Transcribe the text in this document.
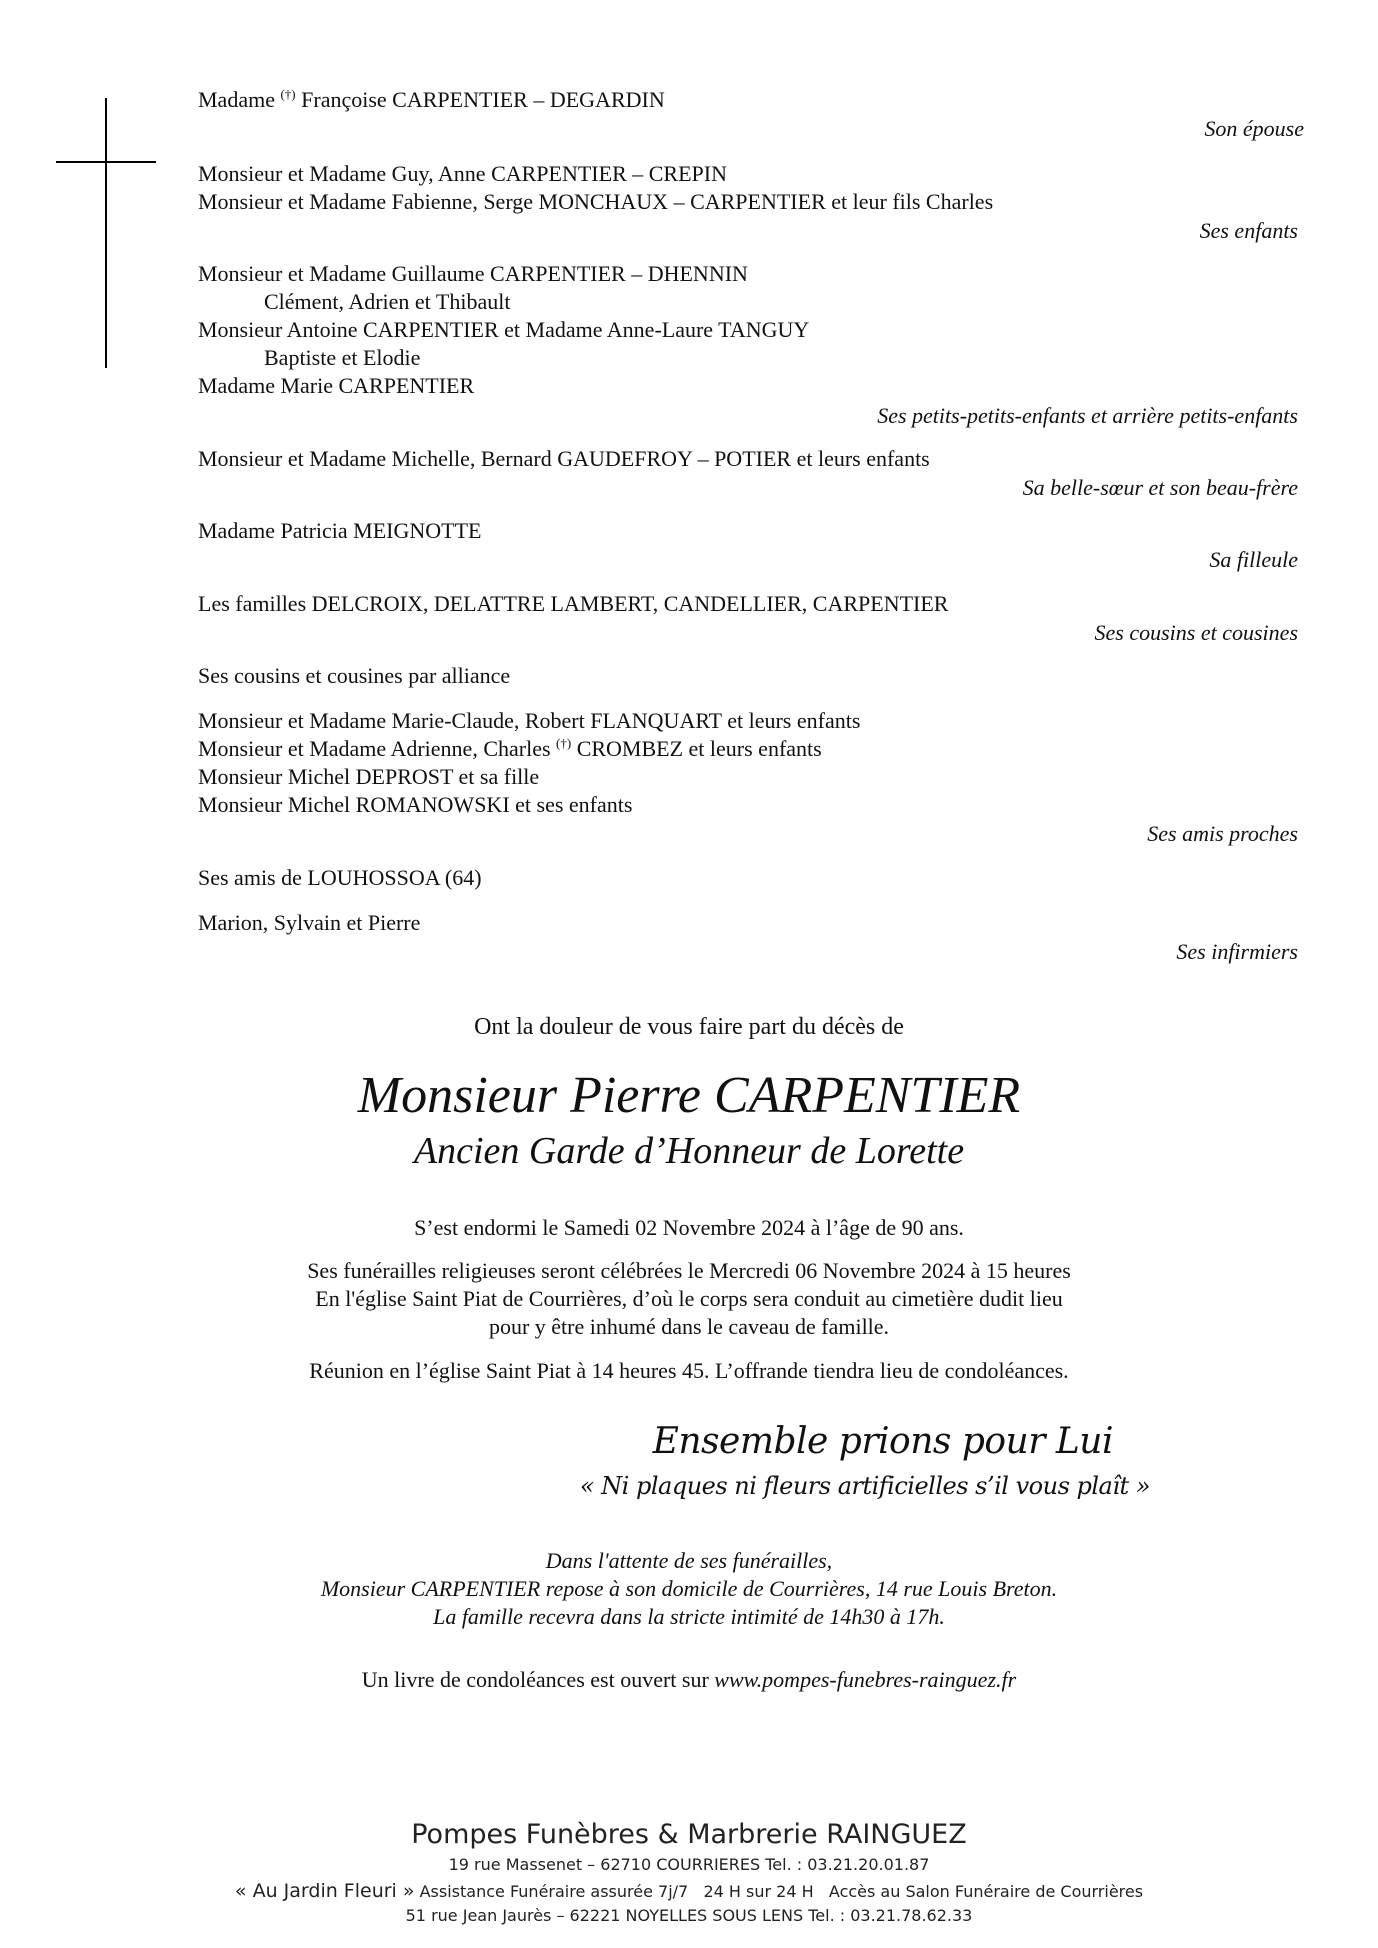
Madame (†) Françoise CARPENTIER – DEGARDIN
Son épouse
Monsieur et Madame Guy, Anne CARPENTIER – CREPIN
Monsieur et Madame Fabienne, Serge MONCHAUX – CARPENTIER et leur fils Charles
Ses enfants
Monsieur et Madame Guillaume CARPENTIER – DHENNIN
Clément, Adrien et Thibault
Monsieur Antoine CARPENTIER et Madame Anne-Laure TANGUY
Baptiste et Elodie
Madame Marie CARPENTIER
Ses petits-petits-enfants et arrière petits-enfants
Monsieur et Madame Michelle, Bernard GAUDEFROY – POTIER et leurs enfants
Sa belle-sœur et son beau-frère
Madame Patricia MEIGNOTTE
Sa filleule
Les familles DELCROIX, DELATTRE LAMBERT, CANDELLIER, CARPENTIER
Ses cousins et cousines
Ses cousins et cousines par alliance
Monsieur et Madame Marie-Claude, Robert FLANQUART et leurs enfants
Monsieur et Madame Adrienne, Charles (†) CROMBEZ et leurs enfants
Monsieur Michel DEPROST et sa fille
Monsieur Michel ROMANOWSKI et ses enfants
Ses amis proches
Ses amis de LOUHOSSOA (64)
Marion, Sylvain et Pierre
Ses infirmiers
Ont la douleur de vous faire part du décès de
Monsieur Pierre CARPENTIER
Ancien Garde d’Honneur de Lorette
S’est endormi le Samedi 02 Novembre 2024 à l’âge de 90 ans.
Ses funérailles religieuses seront célébrées le Mercredi 06 Novembre 2024 à 15 heures
En l'église Saint Piat de Courrières, d’où le corps sera conduit au cimetière dudit lieu
pour y être inhumé dans le caveau de famille.
Réunion en l’église Saint Piat à 14 heures 45. L’offrande tiendra lieu de condoléances.
Ensemble prions pour Lui
« Ni plaques ni fleurs artificielles s’il vous plaît »
Dans l'attente de ses funérailles,
Monsieur CARPENTIER repose à son domicile de Courrières, 14 rue Louis Breton.
La famille recevra dans la stricte intimité de 14h30 à 17h.
Un livre de condoléances est ouvert sur www.pompes-funebres-rainguez.fr
Pompes Funèbres & Marbrerie RAINGUEZ
19 rue Massenet – 62710 COURRIERES Tel. : 03.21.20.01.87
« Au Jardin Fleuri » Assistance Funéraire assurée 7j/7   24 H sur 24 H   Accès au Salon Funéraire de Courrières
51 rue Jean Jaurès – 62221 NOYELLES SOUS LENS Tel. : 03.21.78.62.33
